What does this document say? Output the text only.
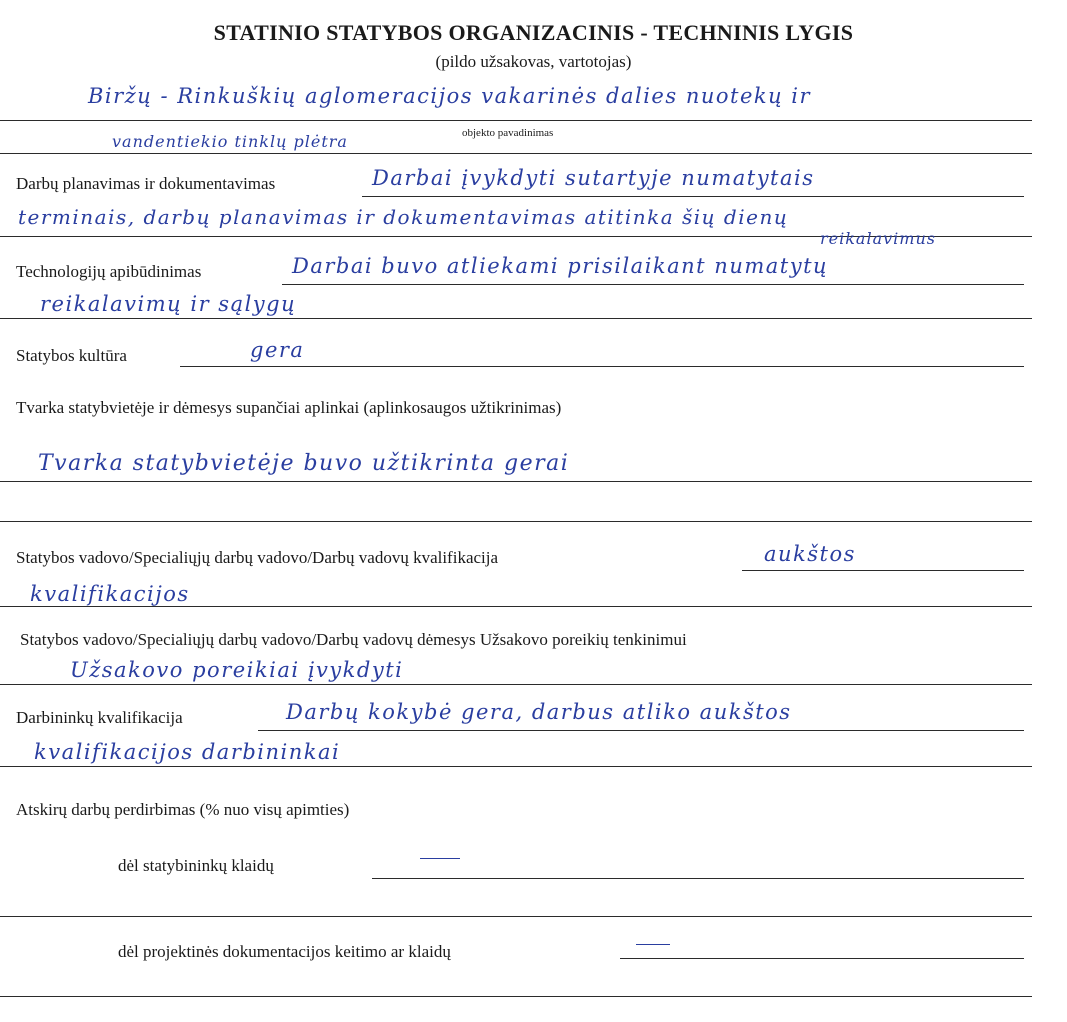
STATINIO STATYBOS ORGANIZACINIS - TECHNINIS LYGIS
(pildo užsakovas, vartotojas)
Biržų - Rinkuškių aglomeracijos vakarinės dalies nuotekų ir
vandentiekio tinklų plėtra	objekto pavadinimas
Darbų planavimas ir dokumentavimas	Darbai įvykdyti sutartyje numatytais
terminais, darbų planavimas ir dokumentavimas atitinka šių dienų
reikalavimus
Technologijų apibūdinimas	Darbai buvo atliekami prisilaikant numatytų
reikalavimų ir sąlygų
Statybos kultūra	gera
Tvarka statybvietėje ir dėmesys supančiai aplinkai (aplinkosaugos užtikrinimas)
Tvarka statybvietėje buvo užtikrinta gerai
Statybos vadovo/Specialiųjų darbų vadovo/Darbų vadovų kvalifikacija	aukštos
kvalifikacijos
Statybos vadovo/Specialiųjų darbų vadovo/Darbų vadovų dėmesys Užsakovo poreikių tenkinimui
Užsakovo poreikiai įvykdyti
Darbininkų kvalifikacija	Darbų kokybė gera, darbus atliko aukštos
kvalifikacijos darbininkai
Atskirų darbų perdirbimas (% nuo visų apimties)
dėl statybininkų klaidų
dėl projektinės dokumentacijos keitimo ar klaidų
